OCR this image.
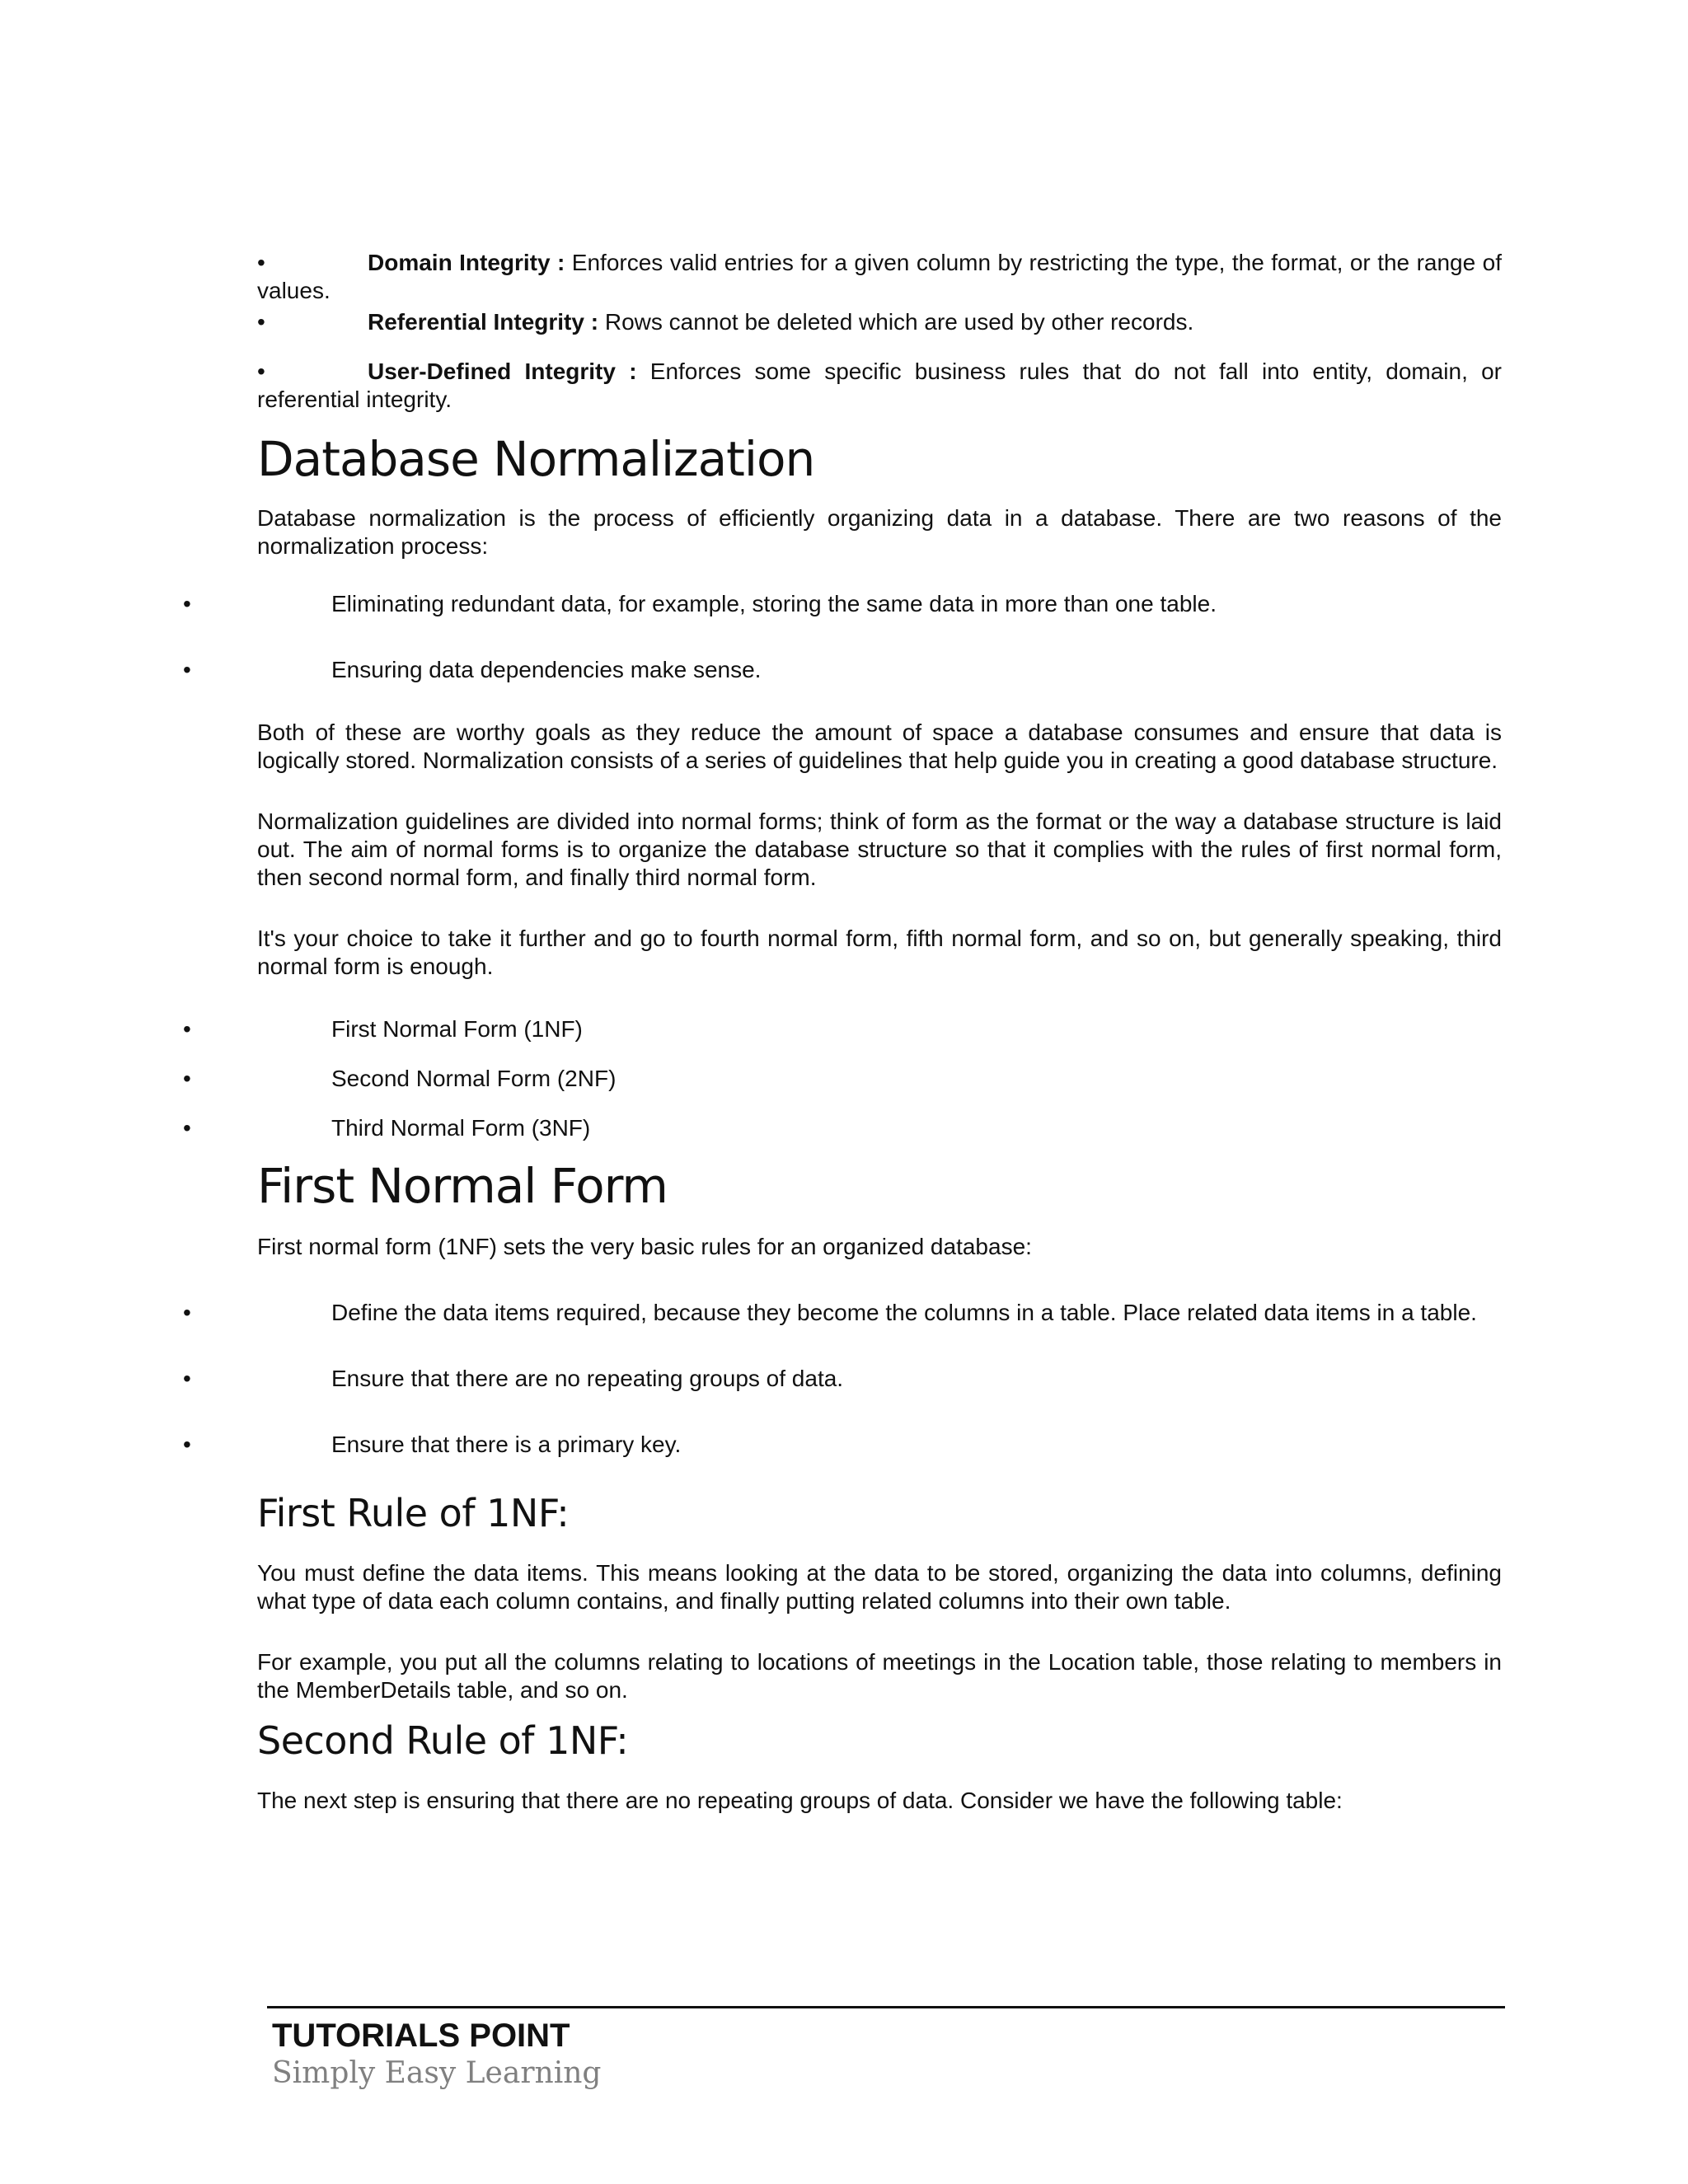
•	Domain Integrity : Enforces valid entries for a given column by restricting the type, the format, or the range of values.
•	Referential Integrity : Rows cannot be deleted which are used by other records.
•	User-Defined Integrity : Enforces some specific business rules that do not fall into entity, domain, or referential integrity.
Database Normalization

Database normalization is the process of efficiently organizing data in a database. There are two reasons of the normalization process:

•	Eliminating redundant data, for example, storing the same data in more than one table.
•	Ensuring data dependencies make sense.

Both of these are worthy goals as they reduce the amount of space a database consumes and ensure that data is logically stored. Normalization consists of a series of guidelines that help guide you in creating a good database structure.

Normalization guidelines are divided into normal forms; think of form as the format or the way a database structure is laid out. The aim of normal forms is to organize the database structure so that it complies with the rules of first normal form, then second normal form, and finally third normal form.

It's your choice to take it further and go to fourth normal form, fifth normal form, and so on, but generally speaking, third normal form is enough.

•	First Normal Form (1NF)
•	Second Normal Form (2NF)
•	Third Normal Form (3NF)
First Normal Form

First normal form (1NF) sets the very basic rules for an organized database:

•	Define the data items required, because they become the columns in a table. Place related data items in a table.
•	Ensure that there are no repeating groups of data.
•	Ensure that there is a primary key.
First Rule of 1NF:

You must define the data items. This means looking at the data to be stored, organizing the data into columns, defining what type of data each column contains, and finally putting related columns into their own table.

For example, you put all the columns relating to locations of meetings in the Location table, those relating to members in the MemberDetails table, and so on.

Second Rule of 1NF:

The next step is ensuring that there are no repeating groups of data. Consider we have the following table:

TUTORIALS POINT
Simply Easy Learning
